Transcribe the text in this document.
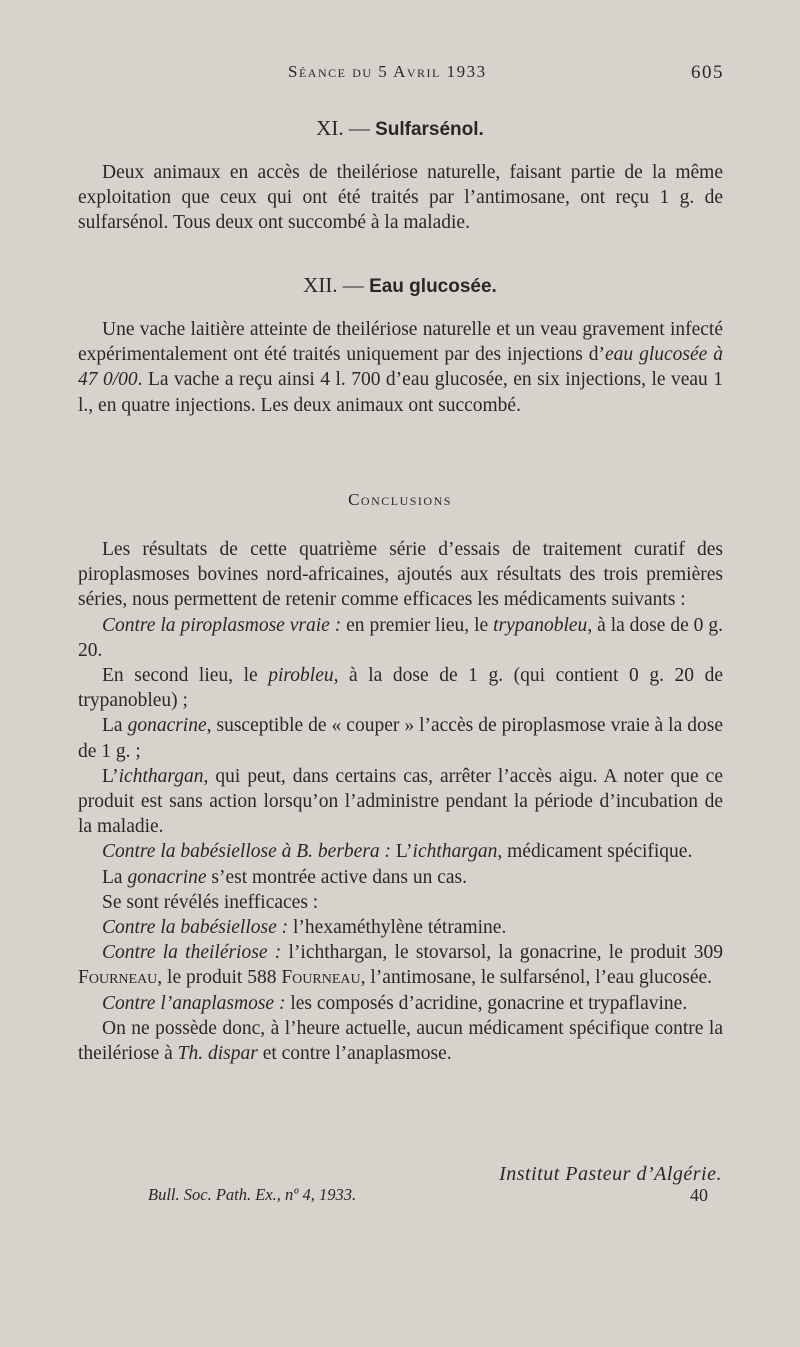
Séance du 5 Avril 1933	605
XI. — Sulfarsénol.

Deux animaux en accès de theilériose naturelle, faisant partie de la même exploitation que ceux qui ont été traités par l’antimosane, ont reçu 1 g. de sulfarsénol. Tous deux ont succombé à la maladie.

XII. — Eau glucosée.

Une vache laitière atteinte de theilériose naturelle et un veau gravement infecté expérimentalement ont été traités uniquement par des injections d’eau glucosée à 47 0/00. La vache a reçu ainsi 4 l. 700 d’eau glucosée, en six injections, le veau 1 l., en quatre injections. Les deux animaux ont succombé.

Conclusions

Les résultats de cette quatrième série d’essais de traitement curatif des piroplasmoses bovines nord-africaines, ajoutés aux résultats des trois premières séries, nous permettent de retenir comme efficaces les médicaments suivants :

Contre la piroplasmose vraie : en premier lieu, le trypanobleu, à la dose de 0 g. 20.

En second lieu, le pirobleu, à la dose de 1 g. (qui contient 0 g. 20 de trypanobleu) ;

La gonacrine, susceptible de « couper » l’accès de piroplasmose vraie à la dose de 1 g. ;

L’ichthargan, qui peut, dans certains cas, arrêter l’accès aigu. A noter que ce produit est sans action lorsqu’on l’administre pendant la période d’incubation de la maladie.

Contre la babésiellose à B. berbera : L’ichthargan, médicament spécifique.

La gonacrine s’est montrée active dans un cas.

Se sont révélés inefficaces :

Contre la babésiellose : l’hexaméthylène tétramine.

Contre la theilériose : l’ichthargan, le stovarsol, la gonacrine, le produit 309 Fourneau, le produit 588 Fourneau, l’antimosane, le sulfarsénol, l’eau glucosée.

Contre l’anaplasmose : les composés d’acridine, gonacrine et trypaflavine.

On ne possède donc, à l’heure actuelle, aucun médicament spécifique contre la theilériose à Th. dispar et contre l’anaplasmose.

Institut Pasteur d’Algérie.
Bull. Soc. Path. Ex., nº 4, 1933.	40
